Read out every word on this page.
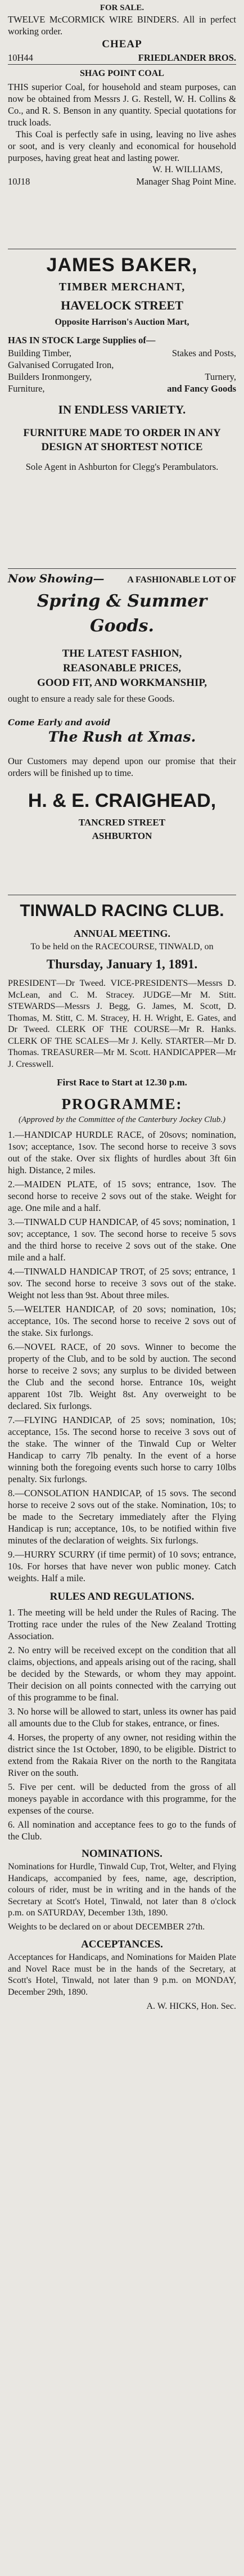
FOR SALE.

TWELVE McCORMICK WIRE BINDERS. All in perfect working order.

CHEAP
10H44	FRIEDLANDER BROS.
SHAG POINT COAL

THIS superior Coal, for household and steam purposes, can now be obtained from Messrs J. G. Restell, W. H. Collins & Co., and R. S. Benson in any quantity. Special quotations for truck loads.

This Coal is perfectly safe in using, leaving no live ashes or soot, and is very cleanly and economical for household purposes, having great heat and lasting power.

W. H. WILLIAMS,
10J18	Manager Shag Point Mine.
JAMES BAKER,
TIMBER MERCHANT,
HAVELOCK STREET
Opposite Harrison's Auction Mart,

HAS IN STOCK Large Supplies of—

Building Timber,	Stakes and Posts,
Galvanised Corrugated Iron,
Builders Ironmongery,	Turnery,
Furniture,	and Fancy Goods
IN ENDLESS VARIETY.
FURNITURE MADE TO ORDER IN ANY DESIGN AT SHORTEST NOTICE

Sole Agent in Ashburton for Clegg's Perambulators.

Now Showing—	A FASHIONABLE LOT OF
Spring & Summer Goods.
THE LATEST FASHION,
REASONABLE PRICES,
GOOD FIT, AND WORKMANSHIP,

ought to ensure a ready sale for these Goods.

Come Early and avoid
The Rush at Xmas.

Our Customers may depend upon our promise that their orders will be finished up to time.

H. & E. CRAIGHEAD,
TANCRED STREET
ASHBURTON
TINWALD RACING CLUB.
ANNUAL MEETING.
To be held on the RACECOURSE, TINWALD, on
Thursday, January 1, 1891.

PRESIDENT—Dr Tweed. VICE-PRESIDENTS—Messrs D. McLean, and C. M. Stracey. JUDGE—Mr M. Stitt. STEWARDS—Messrs J. Begg, G. James, M. Scott, D. Thomas, M. Stitt, C. M. Stracey, H. H. Wright, E. Gates, and Dr Tweed. CLERK OF THE COURSE—Mr R. Hanks. CLERK OF THE SCALES—Mr J. Kelly. STARTER—Mr D. Thomas. TREASURER—Mr M. Scott. HANDICAPPER—Mr J. Cresswell.

First Race to Start at 12.30 p.m.
PROGRAMME:
(Approved by the Committee of the Canterbury Jockey Club.)
1.—HANDICAP HURDLE RACE, of 20sovs; nomination, 1sov; acceptance, 1sov. The second horse to receive 3 sovs out of the stake. Over six flights of hurdles about 3ft 6in high. Distance, 2 miles.
2.—MAIDEN PLATE, of 15 sovs; entrance, 1sov. The second horse to receive 2 sovs out of the stake. Weight for age. One mile and a half.
3.—TINWALD CUP HANDICAP, of 45 sovs; nomination, 1 sov; acceptance, 1 sov. The second horse to receive 5 sovs and the third horse to receive 2 sovs out of the stake. One mile and a half.
4.—TINWALD HANDICAP TROT, of 25 sovs; entrance, 1 sov. The second horse to receive 3 sovs out of the stake. Weight not less than 9st. About three miles.
5.—WELTER HANDICAP, of 20 sovs; nomination, 10s; acceptance, 10s. The second horse to receive 2 sovs out of the stake. Six furlongs.
6.—NOVEL RACE, of 20 sovs. Winner to become the property of the Club, and to be sold by auction. The second horse to receive 2 sovs; any surplus to be divided between the Club and the second horse. Entrance 10s, weight apparent 10st 7lb. Weight 8st. Any overweight to be declared. Six furlongs.
7.—FLYING HANDICAP, of 25 sovs; nomination, 10s; acceptance, 15s. The second horse to receive 3 sovs out of the stake. The winner of the Tinwald Cup or Welter Handicap to carry 7lb penalty. In the event of a horse winning both the foregoing events such horse to carry 10lbs penalty. Six furlongs.
8.—CONSOLATION HANDICAP, of 15 sovs. The second horse to receive 2 sovs out of the stake. Nomination, 10s; to be made to the Secretary immediately after the Flying Handicap is run; acceptance, 10s, to be notified within five minutes of the declaration of weights. Six furlongs.
9.—HURRY SCURRY (if time permit) of 10 sovs; entrance, 10s. For horses that have never won public money. Catch weights. Half a mile.
RULES AND REGULATIONS.
1. The meeting will be held under the Rules of Racing. The Trotting race under the rules of the New Zealand Trotting Association.
2. No entry will be received except on the condition that all claims, objections, and appeals arising out of the racing, shall be decided by the Stewards, or whom they may appoint. Their decision on all points connected with the carrying out of this programme to be final.
3. No horse will be allowed to start, unless its owner has paid all amounts due to the Club for stakes, entrance, or fines.
4. Horses, the property of any owner, not residing within the district since the 1st October, 1890, to be eligible. District to extend from the Rakaia River on the north to the Rangitata River on the south.
5. Five per cent. will be deducted from the gross of all moneys payable in accordance with this programme, for the expenses of the course.
6. All nomination and acceptance fees to go to the funds of the Club.
NOMINATIONS.

Nominations for Hurdle, Tinwald Cup, Trot, Welter, and Flying Handicaps, accompanied by fees, name, age, description, colours of rider, must be in writing and in the hands of the Secretary at Scott's Hotel, Tinwald, not later than 8 o'clock p.m. on SATURDAY, December 13th, 1890.

Weights to be declared on or about DECEMBER 27th.

ACCEPTANCES.

Acceptances for Handicaps, and Nominations for Maiden Plate and Novel Race must be in the hands of the Secretary, at Scott's Hotel, Tinwald, not later than 9 p.m. on MONDAY, December 29th, 1890.

A. W. HICKS, Hon. Sec.
